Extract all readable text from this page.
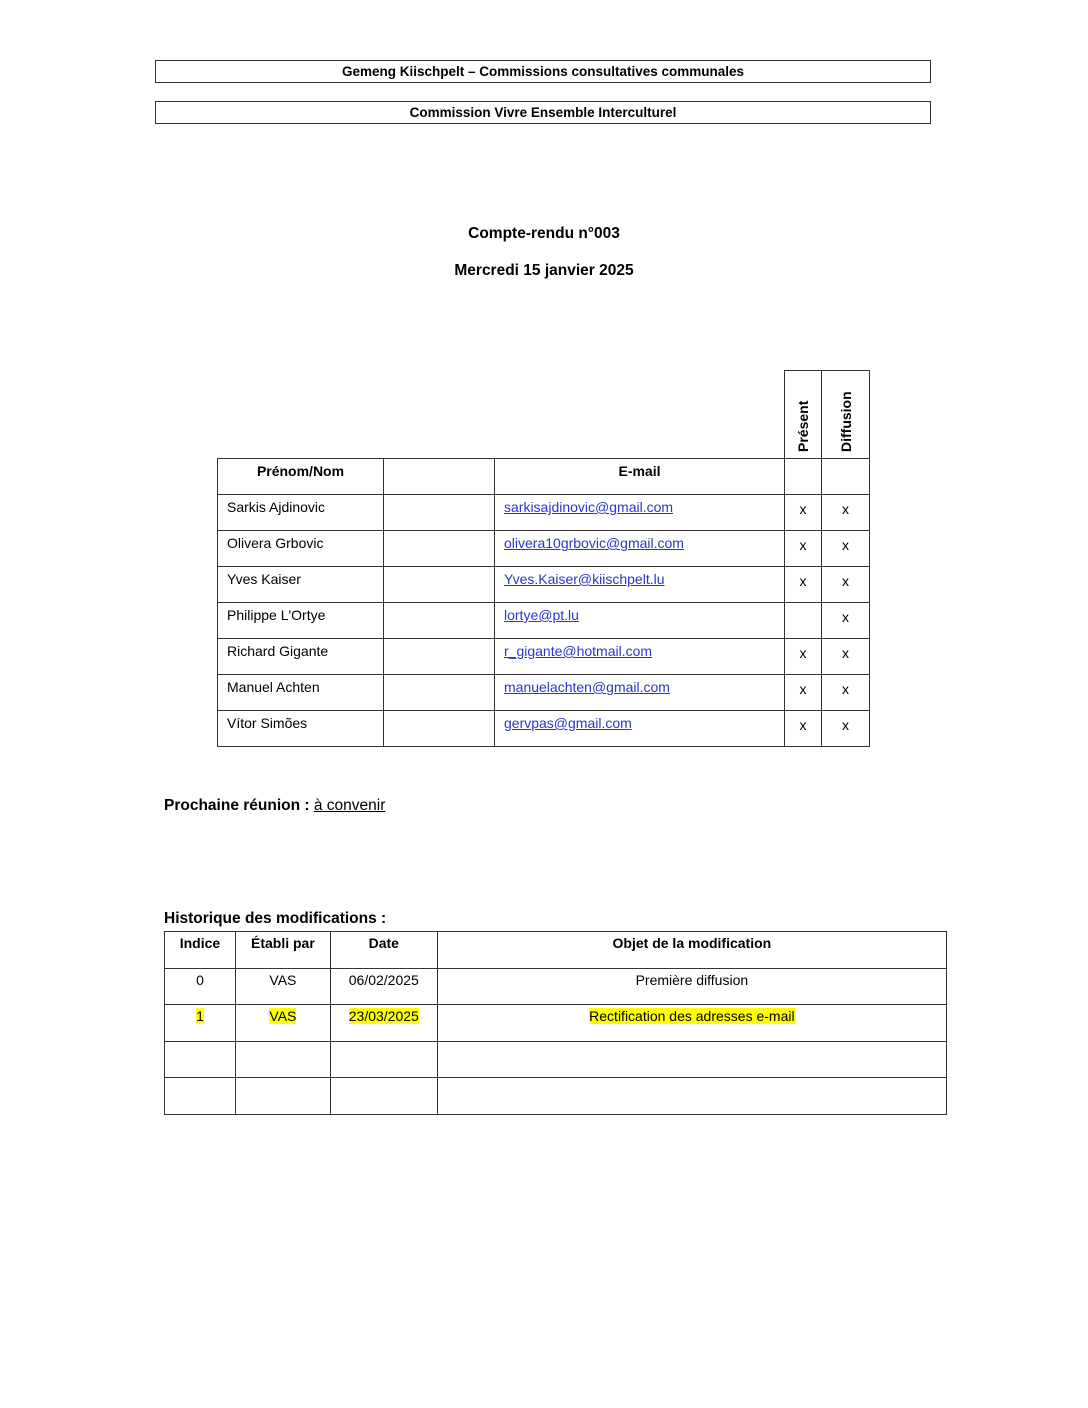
Gemeng Kiischpelt – Commissions consultatives communales
Commission Vivre Ensemble Interculturel
Compte-rendu n°003
Mercredi 15 janvier 2025

			Présent	Diffusion

Prénom/Nom		E-mail		
Sarkis Ajdinovic		sarkisajdinovic@gmail.com	x	x
Olivera Grbovic		olivera10grbovic@gmail.com	x	x
Yves Kaiser		Yves.Kaiser@kiischpelt.lu	x	x
Philippe L'Ortye		lortye@pt.lu		x
Richard Gigante		r_gigante@hotmail.com	x	x
Manuel Achten		manuelachten@gmail.com	x	x
Vítor Simões		gervpas@gmail.com	x	x
Prochaine réunion : à convenir
Historique des modifications :
Indice	Établi par	Date	Objet de la modification
0	VAS	06/02/2025	Première diffusion
1	VAS	23/03/2025	Rectification des adresses e-mail
